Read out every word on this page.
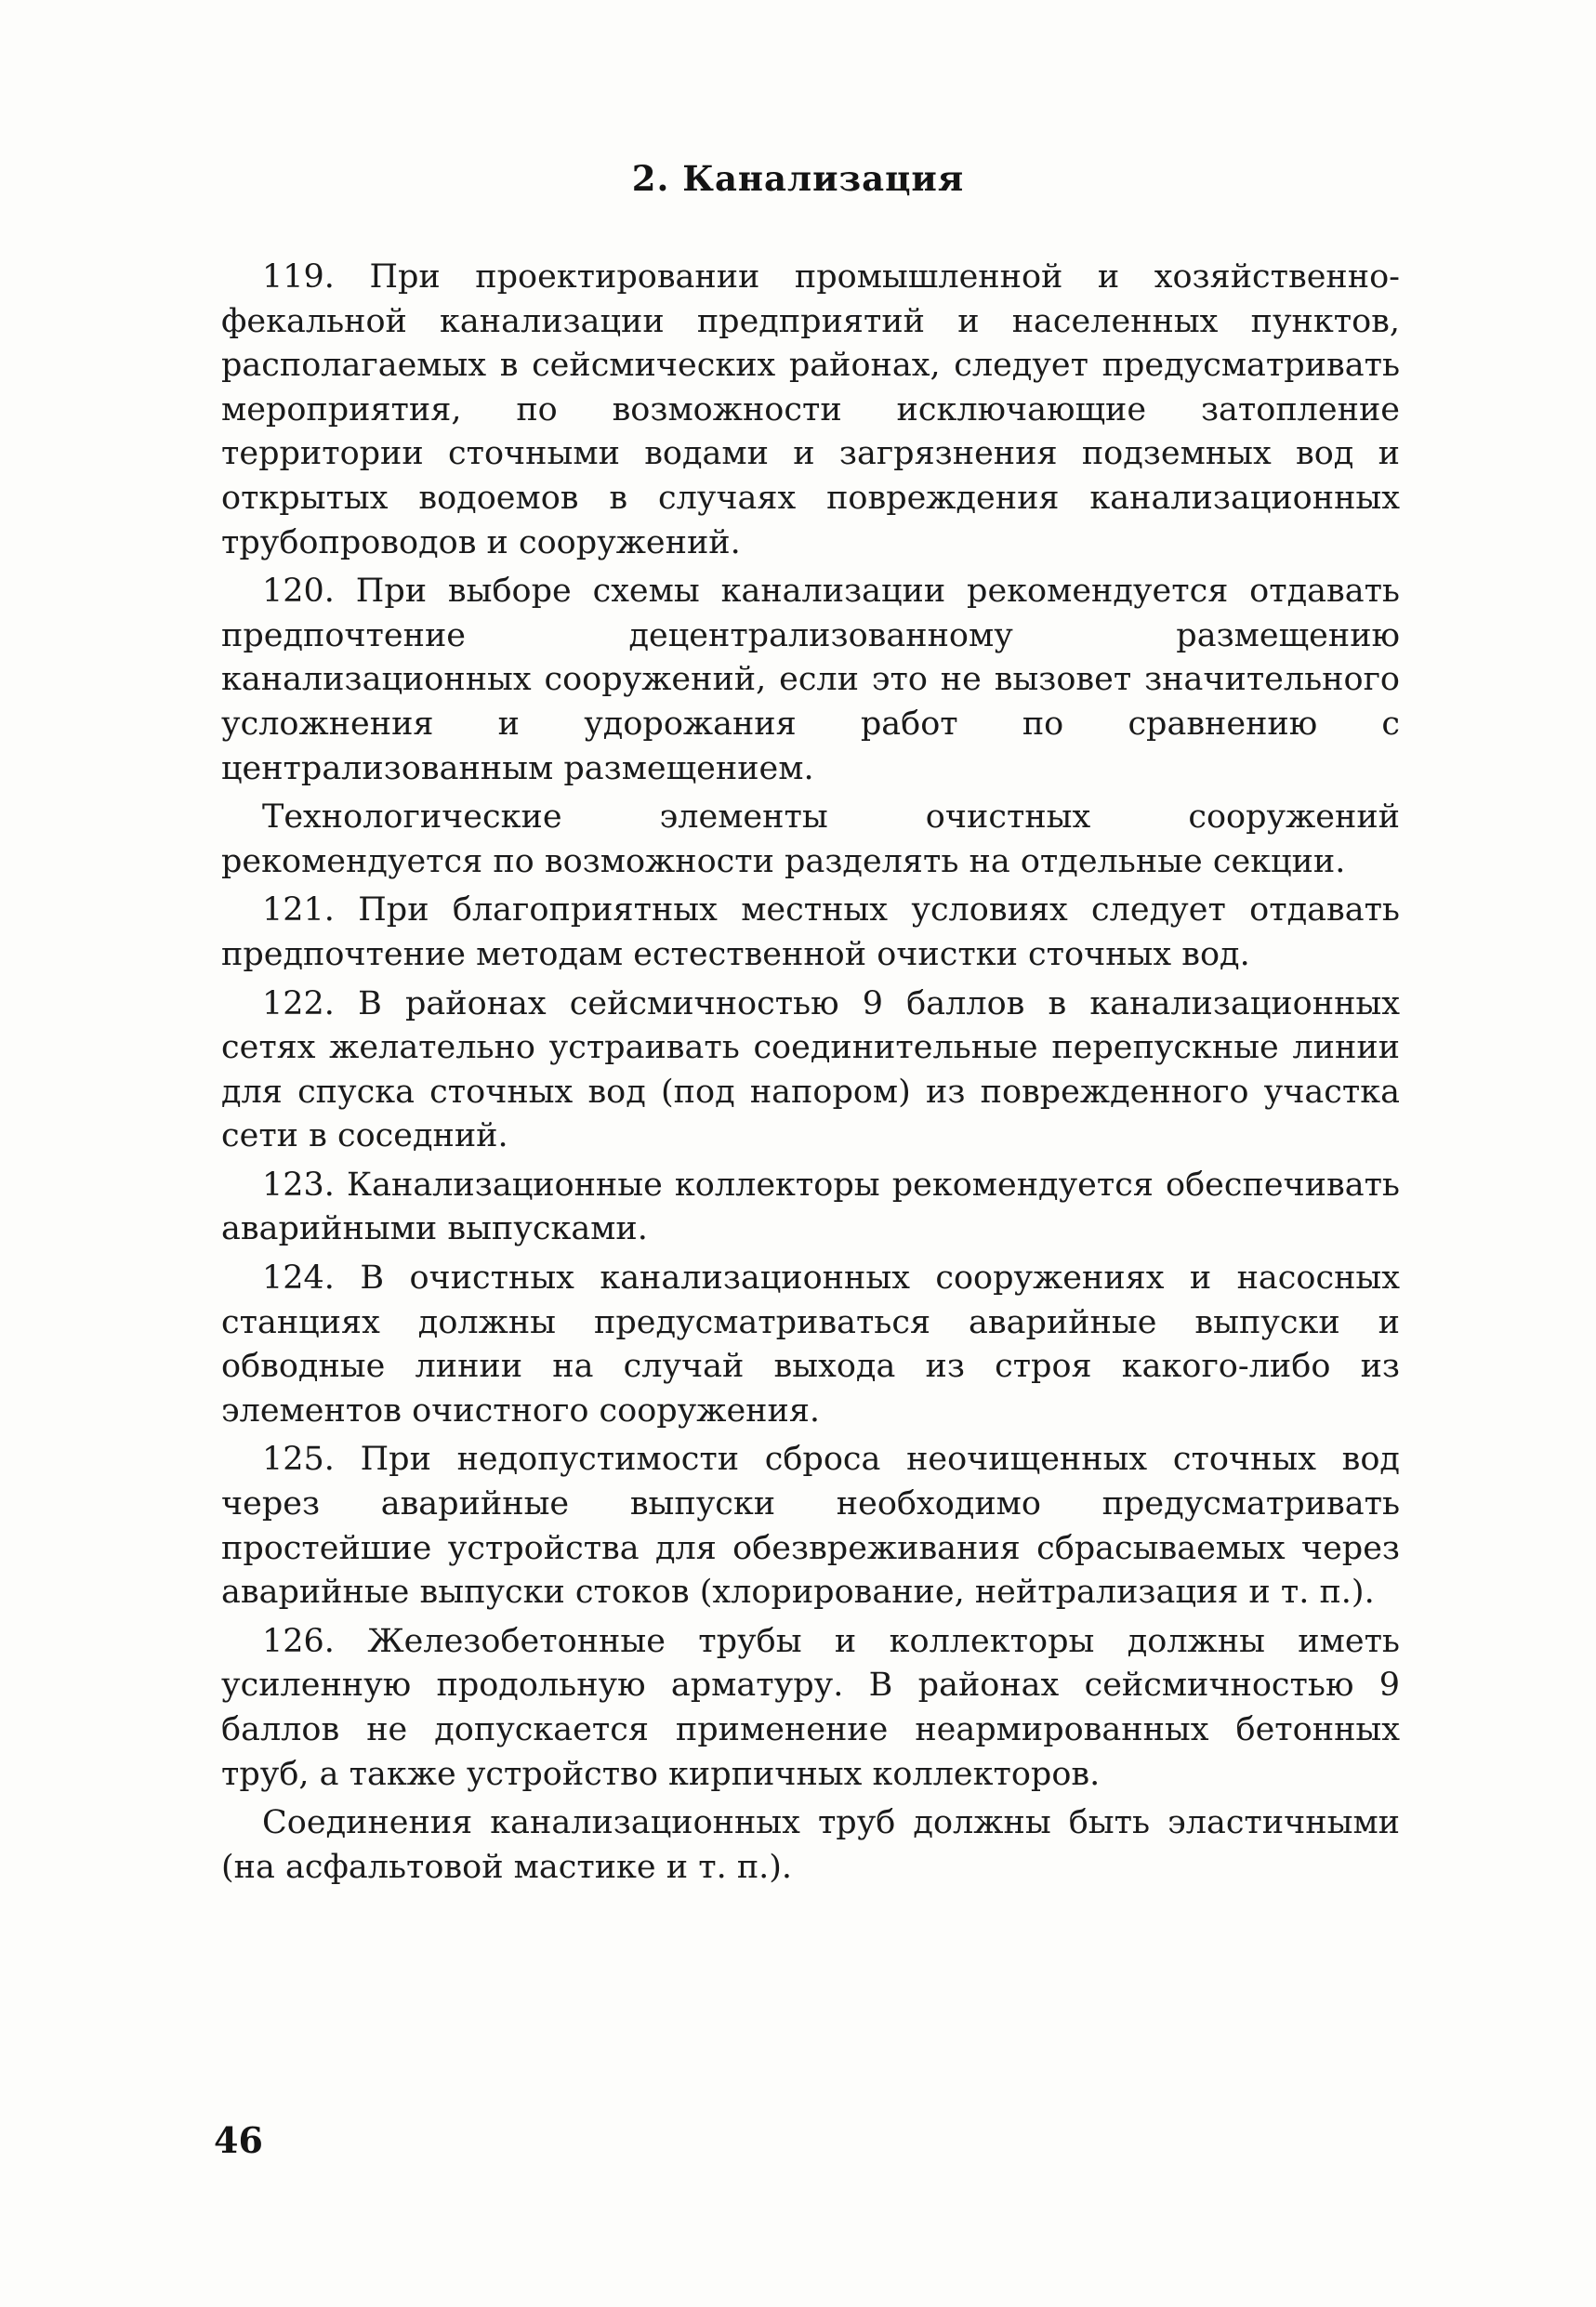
2. Канализация

119. При проектировании промышленной и хозяйственно-фекальной канализации предприятий и населенных пунктов, располагаемых в сейсмических районах, следует предусматривать мероприятия, по возможности исключающие затопление территории сточными водами и загрязнения подземных вод и открытых водоемов в случаях повреждения канализационных трубопроводов и сооружений.

120. При выборе схемы канализации рекомендуется отдавать предпочтение децентрализованному размещению канализационных сооружений, если это не вызовет значительного усложнения и удорожания работ по сравнению с централизованным размещением.

Технологические элементы очистных сооружений рекомендуется по возможности разделять на отдельные секции.

121. При благоприятных местных условиях следует отдавать предпочтение методам естественной очистки сточных вод.

122. В районах сейсмичностью 9 баллов в канализационных сетях желательно устраивать соединительные перепускные линии для спуска сточных вод (под напором) из поврежденного участка сети в соседний.

123. Канализационные коллекторы рекомендуется обеспечивать аварийными выпусками.

124. В очистных канализационных сооружениях и насосных станциях должны предусматриваться аварийные выпуски и обводные линии на случай выхода из строя какого-либо из элементов очистного сооружения.

125. При недопустимости сброса неочищенных сточных вод через аварийные выпуски необходимо предусматривать простейшие устройства для обезвреживания сбрасываемых через аварийные выпуски стоков (хлорирование, нейтрализация и т. п.).

126. Железобетонные трубы и коллекторы должны иметь усиленную продольную арматуру. В районах сейсмичностью 9 баллов не допускается применение неармированных бетонных труб, а также устройство кирпичных коллекторов.

Соединения канализационных труб должны быть эластичными (на асфальтовой мастике и т. п.).

46
